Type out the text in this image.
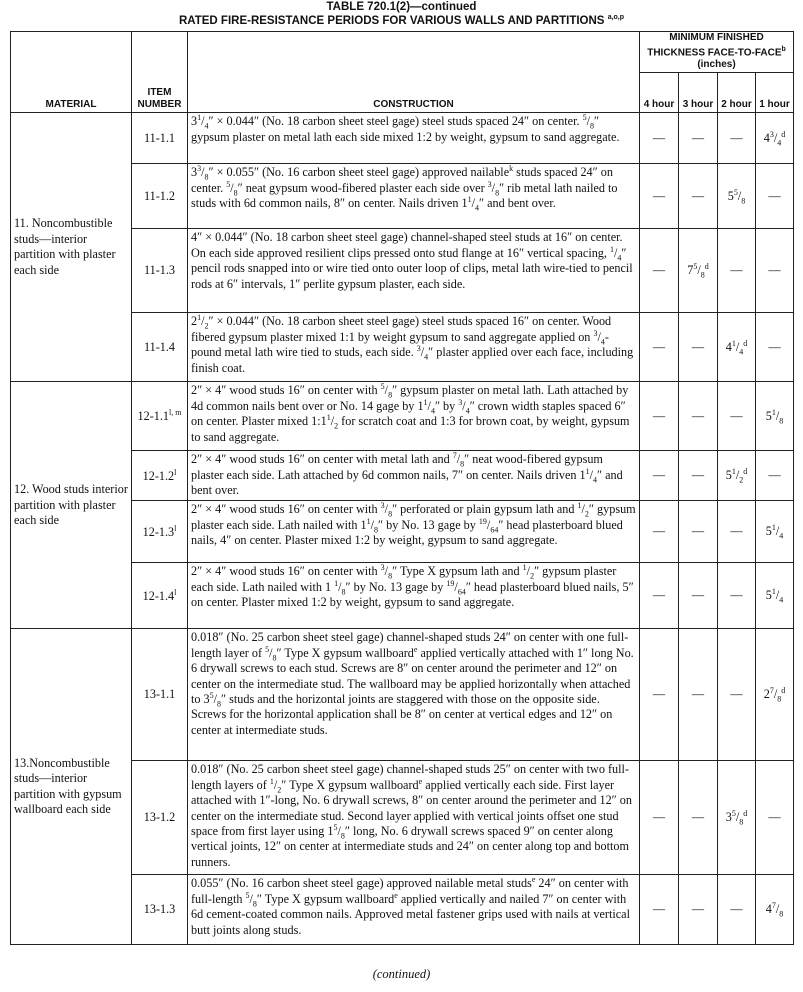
TABLE 720.1(2)—continued
RATED FIRE-RESISTANCE PERIODS FOR VARIOUS WALLS AND PARTITIONS $^{a,o,p}$
MATERIAL	ITEM NUMBER	CONSTRUCTION	MINIMUM FINISHED THICKNESS FACE-TO-FACE$^b$
(inches)			
			4 hour	3 hour	2 hour	1 hour
11. Noncombustible studs—interior partition with plaster each side	11-1.1	$3^1/_4'' \times 0.044''$ (No. 18 carbon sheet steel gage) steel studs spaced 24″ on center. $^5/_8''$ gypsum plaster on metal lath each side mixed 1:2 by weight, gypsum to sand aggregate.	—	—	—	$4^3/_4^d$
	11-1.2	$3^3/_8'' \times 0.055''$ (No. 16 carbon sheet steel gage) approved nailable$^k$ studs spaced 24″ on center. $^5/_8''$ neat gypsum wood-fibered plaster each side over $^3/_8''$ rib metal lath nailed to studs with 6d common nails, 8″ on center. Nails driven $1^1/_4''$ and bent over.	—	—	$5^5/_8$	—
	11-1.3	4″ × 0.044″ (No. 18 carbon sheet steel gage) channel-shaped steel studs at 16″ on center. On each side approved resilient clips pressed onto stud flange at 16″ vertical spacing, $^1/_4''$ pencil rods snapped into or wire tied onto outer loop of clips, metal lath wire-tied to pencil rods at 6″ intervals, 1″ perlite gypsum plaster, each side.	—	$7^5/_8^d$	—	—
	11-1.4	$2^1/_2'' \times 0.044''$ (No. 18 carbon sheet steel gage) steel studs spaced 16″ on center. Wood fibered gypsum plaster mixed 1:1 by weight gypsum to sand aggregate applied on $^3/_4$-pound metal lath wire tied to studs, each side. $^3/_4''$ plaster applied over each face, including finish coat.	—	—	$4^1/_4^d$	—
12. Wood studs interior partition with plaster each side	12-1.1$^{l, m}$	2″ × 4″ wood studs 16″ on center with $^5/_8''$ gypsum plaster on metal lath. Lath attached by 4d common nails bent over or No. 14 gage by $1^1/_4''$ by $^3/_4''$ crown width staples spaced 6″ on center. Plaster mixed $1:1^1/_2$ for scratch coat and 1:3 for brown coat, by weight, gypsum to sand aggregate.	—	—	—	$5^1/_8$
	12-1.2$^l$	2″ × 4″ wood studs 16″ on center with metal lath and $^7/_8''$ neat wood-fibered gypsum plaster each side. Lath attached by 6d common nails, 7″ on center. Nails driven $1^1/_4''$ and bent over.	—	—	$5^1/_2^d$	—
	12-1.3$^l$	2″ × 4″ wood studs 16″ on center with $^3/_8''$ perforated or plain gypsum lath and $^1/_2''$ gypsum plaster each side. Lath nailed with $1^1/_8''$ by No. 13 gage by $^{19}/_{64}''$ head plasterboard blued nails, 4″ on center. Plaster mixed 1:2 by weight, gypsum to sand aggregate.	—	—	—	$5^1/_4$
	12-1.4$^l$	2″ × 4″ wood studs 16″ on center with $^3/_8''$ Type X gypsum lath and $^1/_2''$ gypsum plaster each side. Lath nailed with 1 $^1/_8''$ by No. 13 gage by $^{19}/_{64}''$ head plasterboard blued nails, 5″ on center. Plaster mixed 1:2 by weight, gypsum to sand aggregate.	—	—	—	$5^1/_4$
13.Noncombustible studs—interior partition with gypsum wallboard each side	13-1.1	0.018″ (No. 25 carbon sheet steel gage) channel-shaped studs 24″ on center with one full-length layer of $^5/_8''$ Type X gypsum wallboard$^e$ applied vertically attached with 1″ long No. 6 drywall screws to each stud. Screws are 8″ on center around the perimeter and 12″ on center on the intermediate stud. The wallboard may be applied horizontally when attached to $3^5/_8''$ studs and the horizontal joints are staggered with those on the opposite side. Screws for the horizontal application shall be 8″ on center at vertical edges and 12″ on center at intermediate studs.	—	—	—	$2^7/_8^d$
	13-1.2	0.018″ (No. 25 carbon sheet steel gage) channel-shaped studs 25″ on center with two full-length layers of $^1/_2''$ Type X gypsum wallboard$^e$ applied vertically each side. First layer attached with 1″-long, No. 6 drywall screws, 8″ on center around the perimeter and 12″ on center on the intermediate stud. Second layer applied with vertical joints offset one stud space from first layer using $1^5/_8''$ long, No. 6 drywall screws spaced 9″ on center along vertical joints, 12″ on center at intermediate studs and 24″ on center along top and bottom runners.	—	—	$3^5/_8^d$	—
	13-1.3	0.055″ (No. 16 carbon sheet steel gage) approved nailable metal studs$^e$ 24″ on center with full-length $^5/_8''$ Type X gypsum wallboard$^e$ applied vertically and nailed 7″ on center with 6d cement-coated common nails. Approved metal fastener grips used with nails at vertical butt joints along studs.	—	—	—	$4^7/_8$
(continued)
